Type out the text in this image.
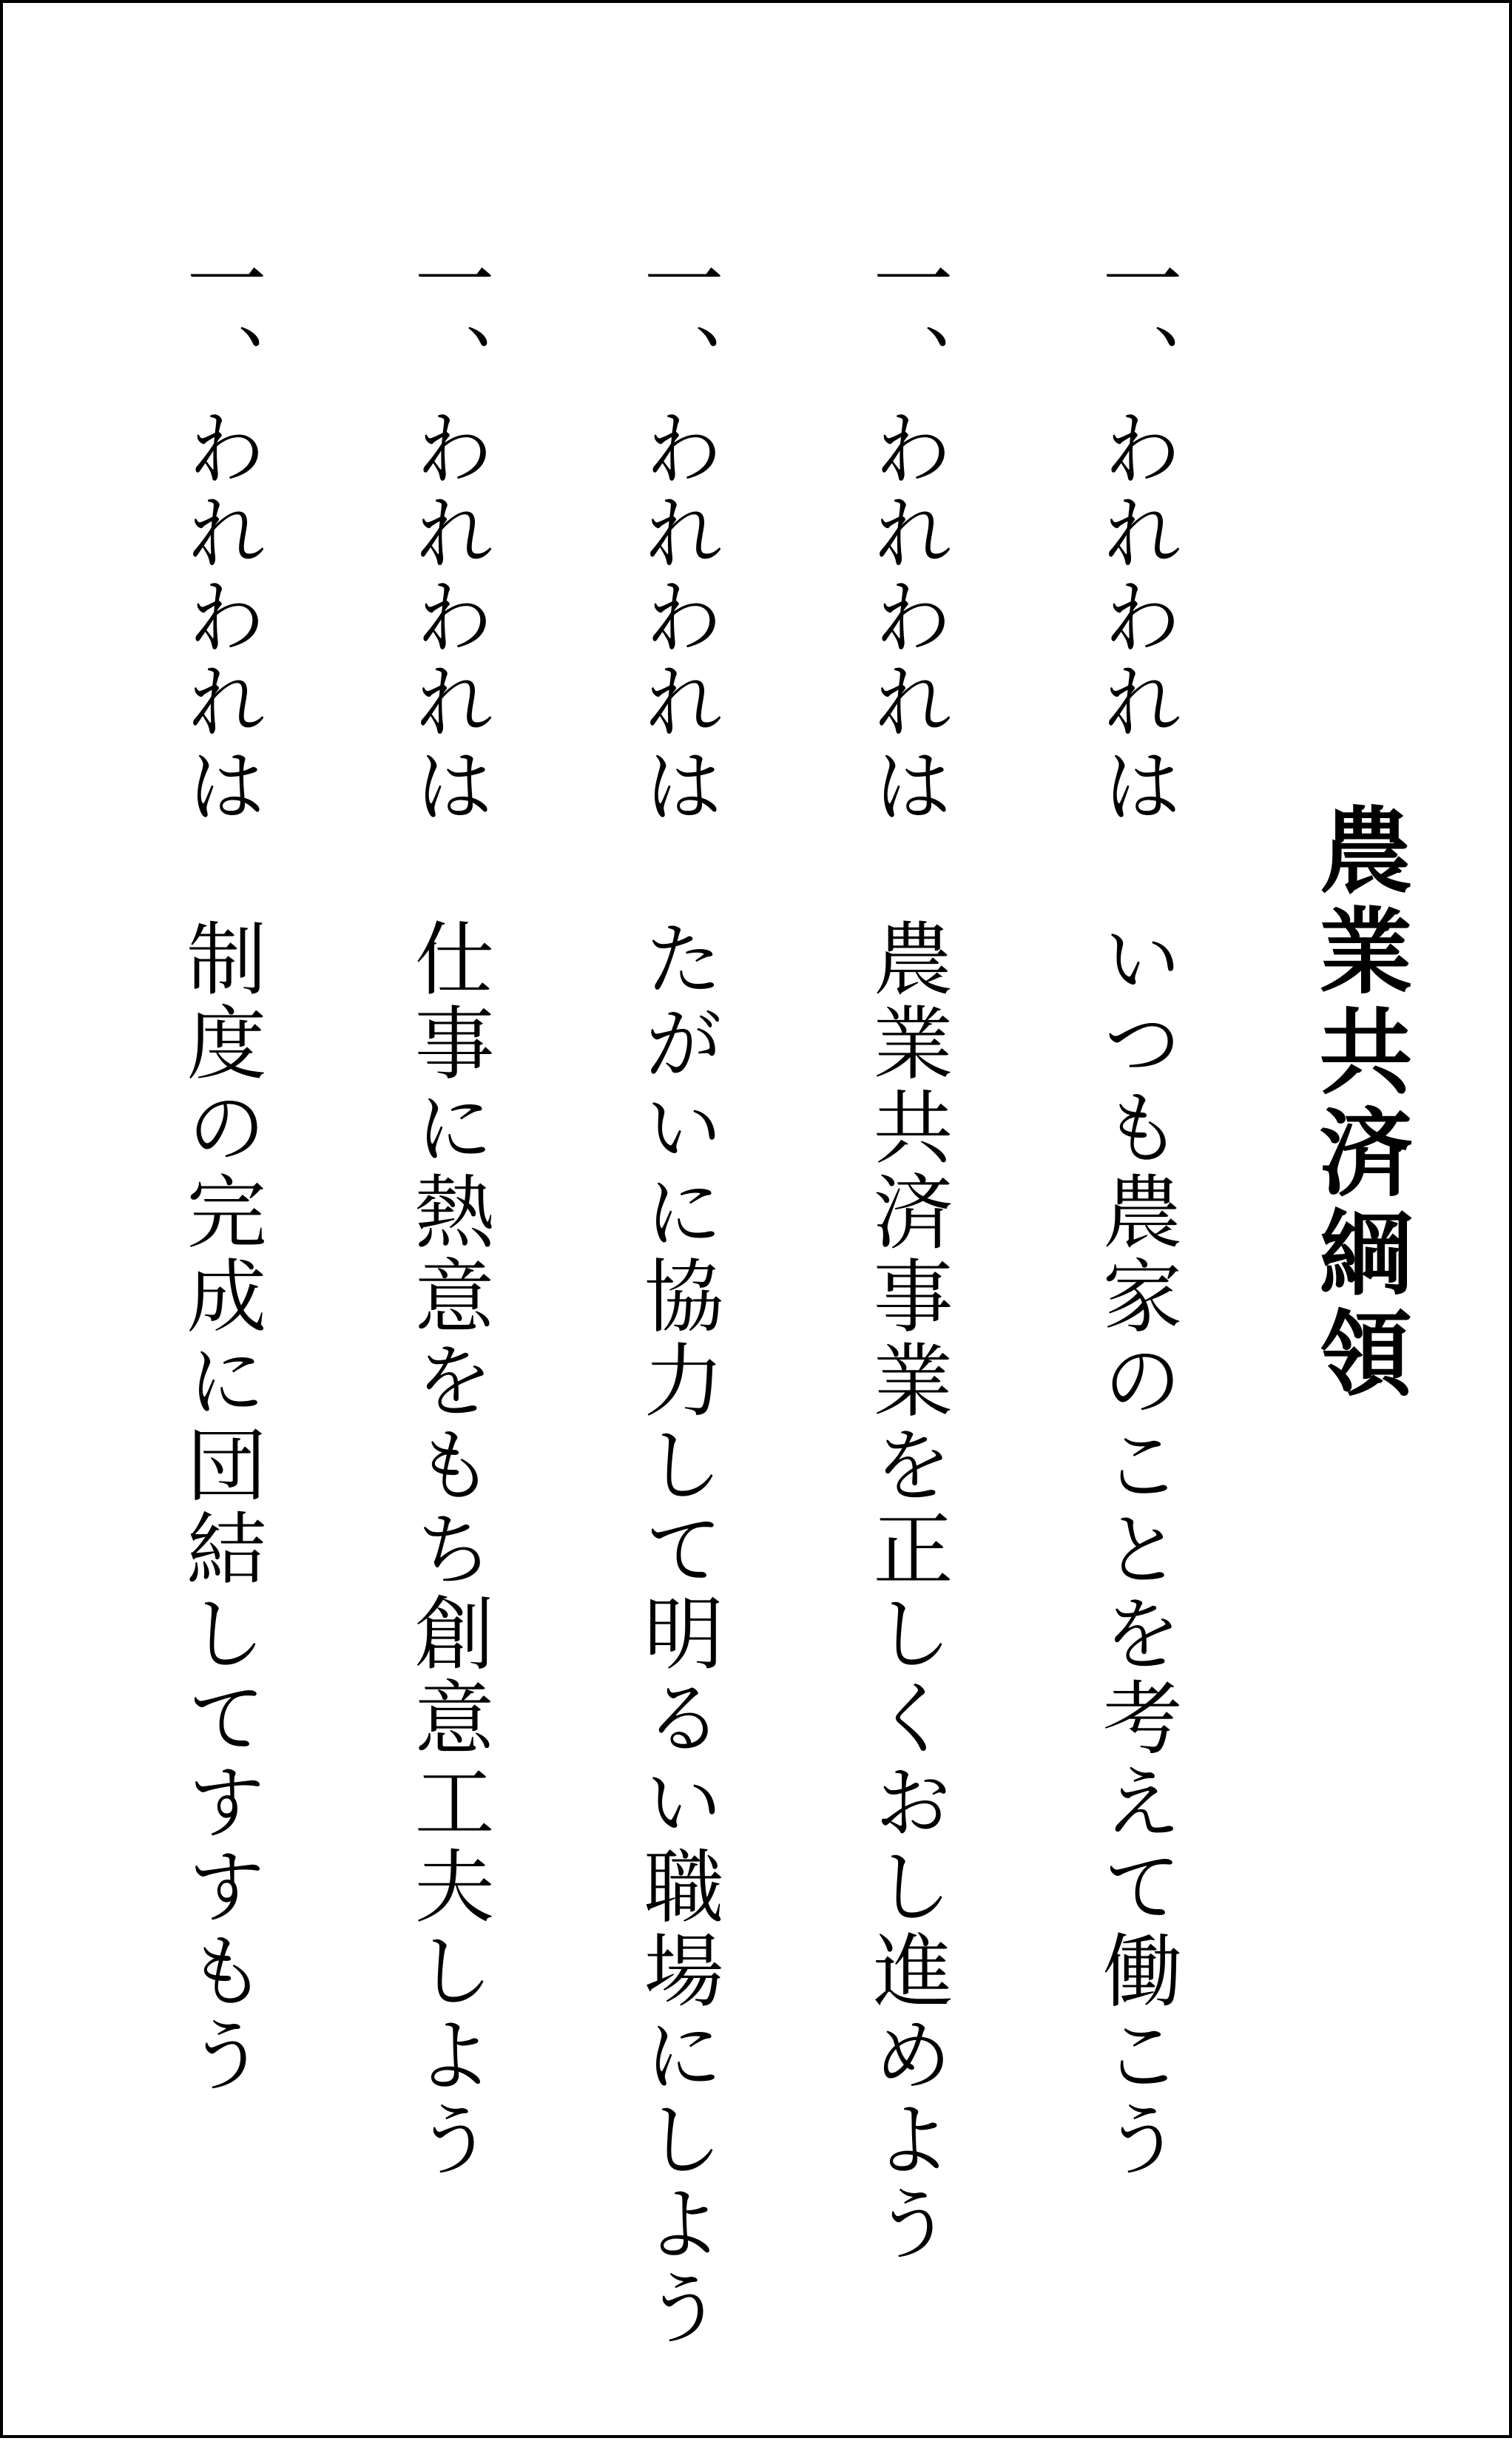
農業共済綱領
一、われわれはいつも農家のことを考えて働こう
一、われわれは農業共済事業を正しくおし進めよう
一、われわれはたがいに協力して明るい職場にしよう
一、われわれは仕事に熱意をもち創意工夫しよう
一、われわれは制度の完成に団結してすすもう
